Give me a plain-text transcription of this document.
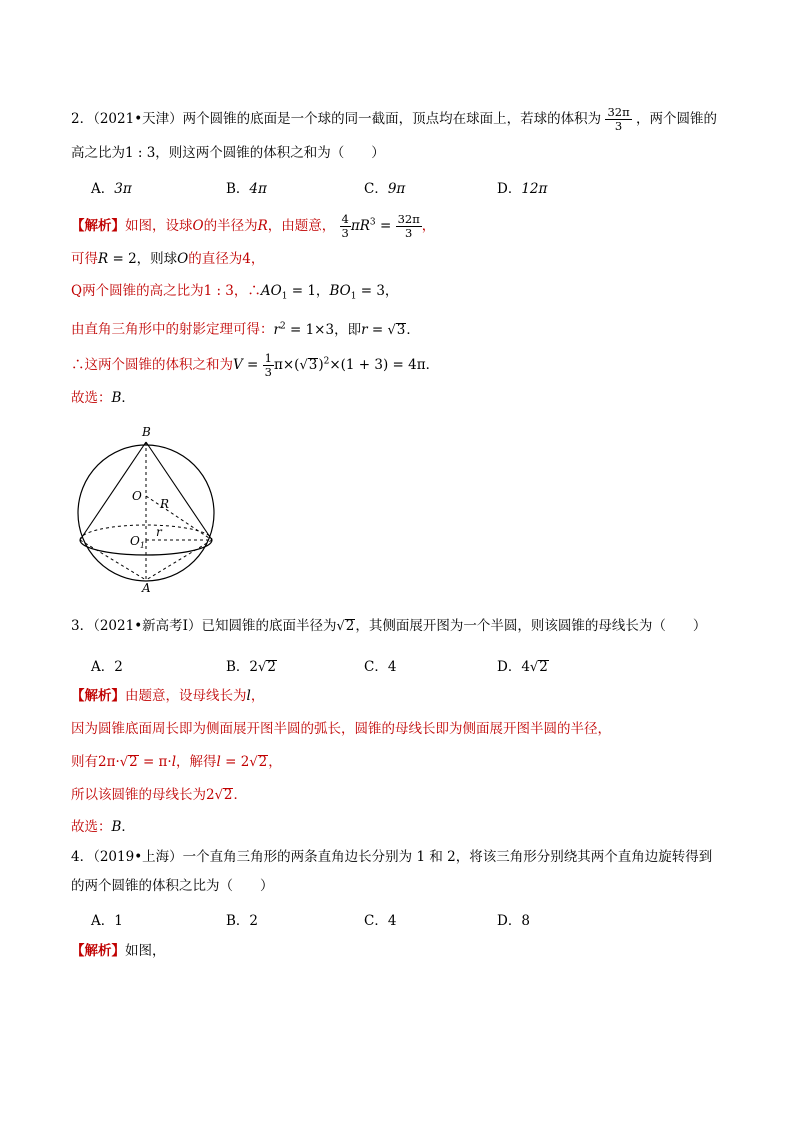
2．（2021•天津）两个圆锥的底面是一个球的同一截面，顶点均在球面上，若球的体积为 $\frac{32\pi}{3}$ ，两个圆锥的
高之比为1 : 3，则这两个圆锥的体积之和为（　　）
A．3π	B．4π	C．9π	D．12π
【解析】如图，设球O的半径为R，由题意， $\frac{4}{3} \pi R^3 = \frac{32\pi}{3}$ ，
可得R = 2，则球O的直径为4，
Q两个圆锥的高之比为1 : 3，$\therefore AO_1 = 1$，$BO_1 = 3$，
由直角三角形中的射影定理可得：$r^2 = 1\times 3$，即r = √3．
∴这两个圆锥的体积之和为$V = \frac{1}{3} \pi\times(√3)^2\times(1 + 3) = 4\pi$．
故选：B．
B
O
R
r
$O_1$
A
3．（2021•新高考Ⅰ）已知圆锥的底面半径为√2，其侧面展开图为一个半圆，则该圆锥的母线长为（　　）
A．2	B．2√2	C．4	D．4√2
【解析】由题意，设母线长为l，
因为圆锥底面周长即为侧面展开图半圆的弧长，圆锥的母线长即为侧面展开图半圆的半径，
则有2π·√2 = π·l，解得l = 2√2，
所以该圆锥的母线长为2√2．
故选：B．
4．（2019•上海）一个直角三角形的两条直角边长分别为 1 和 2，将该三角形分别绕其两个直角边旋转得到
的两个圆锥的体积之比为（　　）
A．1	B．2	C．4	D．8
【解析】如图，
